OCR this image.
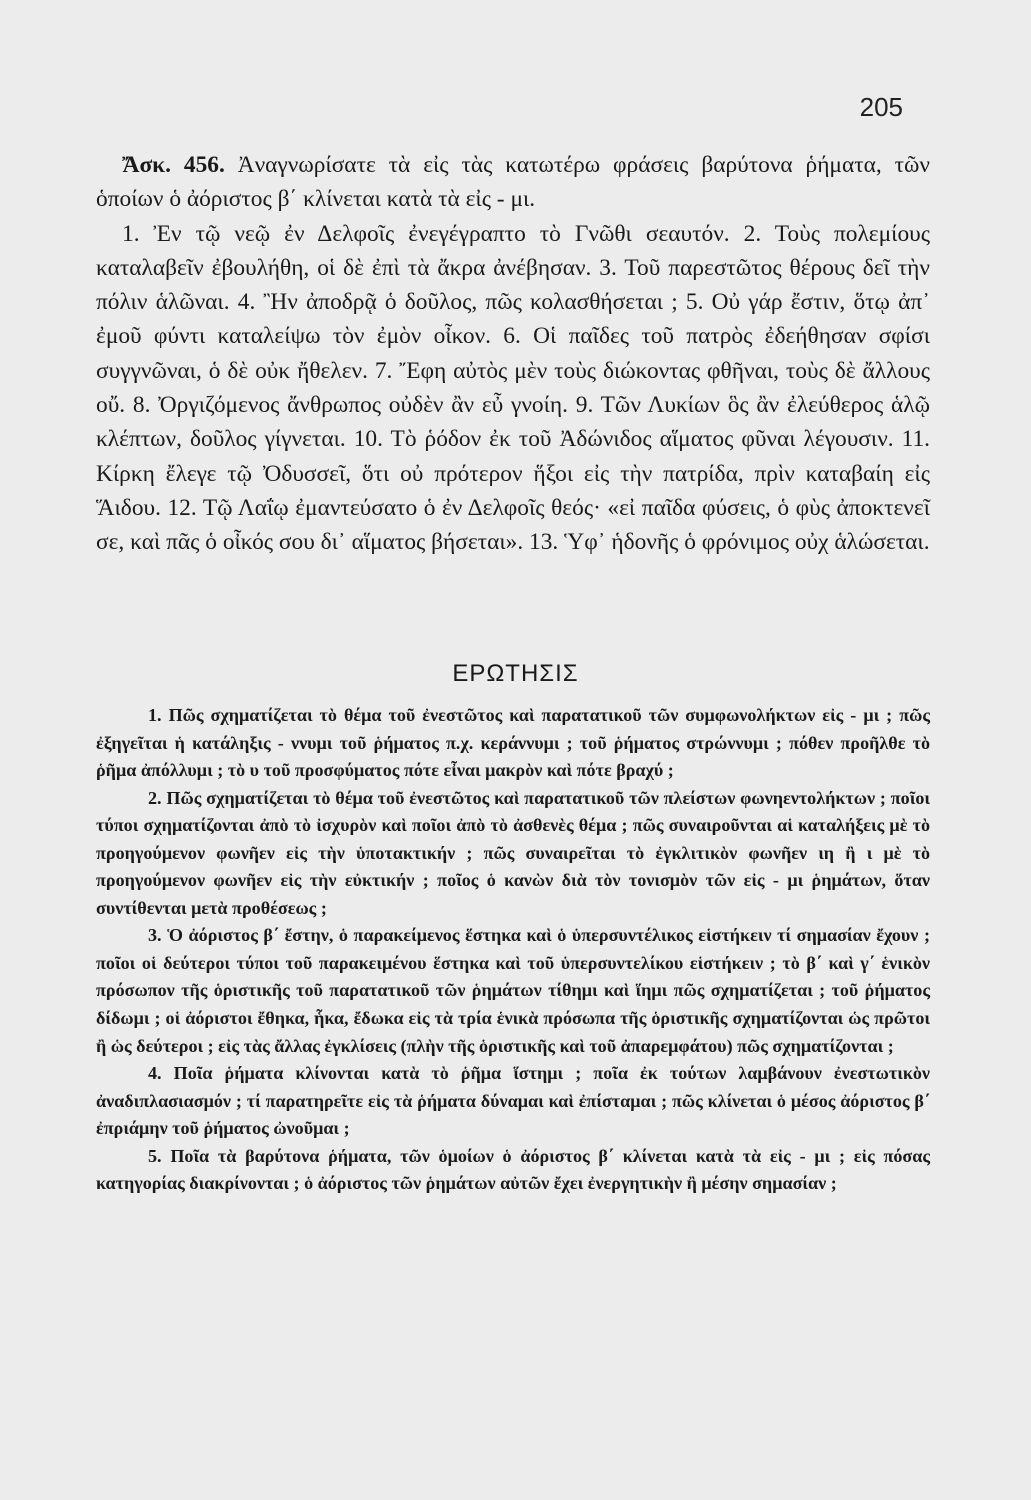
205

Ἄσκ. 456. Ἀναγνωρίσατε τὰ εἰς τὰς κατωτέρω φράσεις βαρύτονα ῥήματα, τῶν ὁποίων ὁ ἀόριστος β΄ κλίνεται κατὰ τὰ εἰς - μι.

1. Ἐν τῷ νεῷ ἐν Δελφοῖς ἐνεγέγραπτο τὸ Γνῶθι σεαυτόν. 2. Τοὺς πολεμίους καταλαβεῖν ἐβουλήθη, οἱ δὲ ἐπὶ τὰ ἄκρα ἀνέβησαν. 3. Τοῦ παρεστῶτος θέρους δεῖ τὴν πόλιν ἁλῶναι. 4. Ἢν ἀποδρᾷ ὁ δοῦλος, πῶς κολασθήσεται ; 5. Οὐ γάρ ἔστιν, ὅτῳ ἀπ᾽ ἐμοῦ φύντι καταλείψω τὸν ἐμὸν οἶκον. 6. Οἱ παῖδες τοῦ πατρὸς ἐδεήθησαν σφίσι συγγνῶναι, ὁ δὲ οὐκ ἤθελεν. 7. Ἔφη αὐτὸς μὲν τοὺς διώκοντας φθῆναι, τοὺς δὲ ἄλλους οὔ. 8. Ὀργιζόμενος ἄνθρωπος οὐδὲν ἂν εὖ γνοίη. 9. Τῶν Λυκίων ὃς ἂν ἐλεύθερος ἁλῷ κλέπτων, δοῦλος γίγνεται. 10. Τὸ ῥόδον ἐκ τοῦ Ἀδώνιδος αἵματος φῦναι λέγουσιν. 11. Κίρκη ἔλεγε τῷ Ὀδυσσεῖ, ὅτι οὐ πρότερον ἥξοι εἰς τὴν πατρίδα, πρὶν καταβαίη εἰς Ἅιδου. 12. Τῷ Λαΐῳ ἐμαντεύσατο ὁ ἐν Δελφοῖς θεός· «εἰ παῖδα φύσεις, ὁ φὺς ἀποκτενεῖ σε, καὶ πᾶς ὁ οἶκός σου δι᾽ αἵματος βήσεται». 13. Ὑφ᾽ ἡδονῆς ὁ φρόνιμος οὐχ ἁλώσεται.

ΕΡΩΤΗΣΙΣ

1. Πῶς σχηματίζεται τὸ θέμα τοῦ ἐνεστῶτος καὶ παρατατικοῦ τῶν συμφωνολήκτων εἰς - μι ; πῶς ἐξηγεῖται ἡ κατάληξις - ννυμι τοῦ ῥήματος π.χ. κεράννυμι ; τοῦ ῥήματος στρώννυμι ; πόθεν προῆλθε τὸ ῥῆμα ἀπόλλυμι ; τὸ υ τοῦ προσφύματος πότε εἶναι μακρὸν καὶ πότε βραχύ ;

2. Πῶς σχηματίζεται τὸ θέμα τοῦ ἐνεστῶτος καὶ παρατατικοῦ τῶν πλείστων φωνηεντολήκτων ; ποῖοι τύποι σχηματίζονται ἀπὸ τὸ ἰσχυρὸν καὶ ποῖοι ἀπὸ τὸ ἀσθενὲς θέμα ; πῶς συναιροῦνται αἱ καταλήξεις μὲ τὸ προηγούμενον φωνῆεν εἰς τὴν ὑποτακτικήν ; πῶς συναιρεῖται τὸ ἐγκλιτικὸν φωνῆεν ιη ἢ ι μὲ τὸ προηγούμενον φωνῆεν εἰς τὴν εὐκτικήν ; ποῖος ὁ κανὼν διὰ τὸν τονισμὸν τῶν εἰς - μι ῥημάτων, ὅταν συντίθενται μετὰ προθέσεως ;

3. Ὁ ἀόριστος β΄ ἔστην, ὁ παρακείμενος ἕστηκα καὶ ὁ ὑπερσυντέλικος εἱστήκειν τί σημασίαν ἔχουν ; ποῖοι οἱ δεύτεροι τύποι τοῦ παρακειμένου ἕστηκα καὶ τοῦ ὑπερσυντελίκου εἱστήκειν ; τὸ β΄ καὶ γ΄ ἑνικὸν πρόσωπον τῆς ὁριστικῆς τοῦ παρατατικοῦ τῶν ῥημάτων τίθημι καὶ ἵημι πῶς σχηματίζεται ; τοῦ ῥήματος δίδωμι ; οἱ ἀόριστοι ἔθηκα, ἧκα, ἔδωκα εἰς τὰ τρία ἑνικὰ πρόσωπα τῆς ὁριστικῆς σχηματίζονται ὡς πρῶτοι ἢ ὡς δεύτεροι ; εἰς τὰς ἄλλας ἐγκλίσεις (πλὴν τῆς ὁριστικῆς καὶ τοῦ ἀπαρεμφάτου) πῶς σχηματίζονται ;

4. Ποῖα ῥήματα κλίνονται κατὰ τὸ ῥῆμα ἵστημι ; ποῖα ἐκ τούτων λαμβάνουν ἐνεστωτικὸν ἀναδιπλασιασμόν ; τί παρατηρεῖτε εἰς τὰ ῥήματα δύναμαι καὶ ἐπίσταμαι ; πῶς κλίνεται ὁ μέσος ἀόριστος β΄ ἐπριάμην τοῦ ῥήματος ὠνοῦμαι ;

5. Ποῖα τὰ βαρύτονα ῥήματα, τῶν ὁμοίων ὁ ἀόριστος β΄ κλίνεται κατὰ τὰ εἰς - μι ; εἰς πόσας κατηγορίας διακρίνονται ; ὁ ἀόριστος τῶν ῥημάτων αὐτῶν ἔχει ἐνεργητικὴν ἢ μέσην σημασίαν ;
